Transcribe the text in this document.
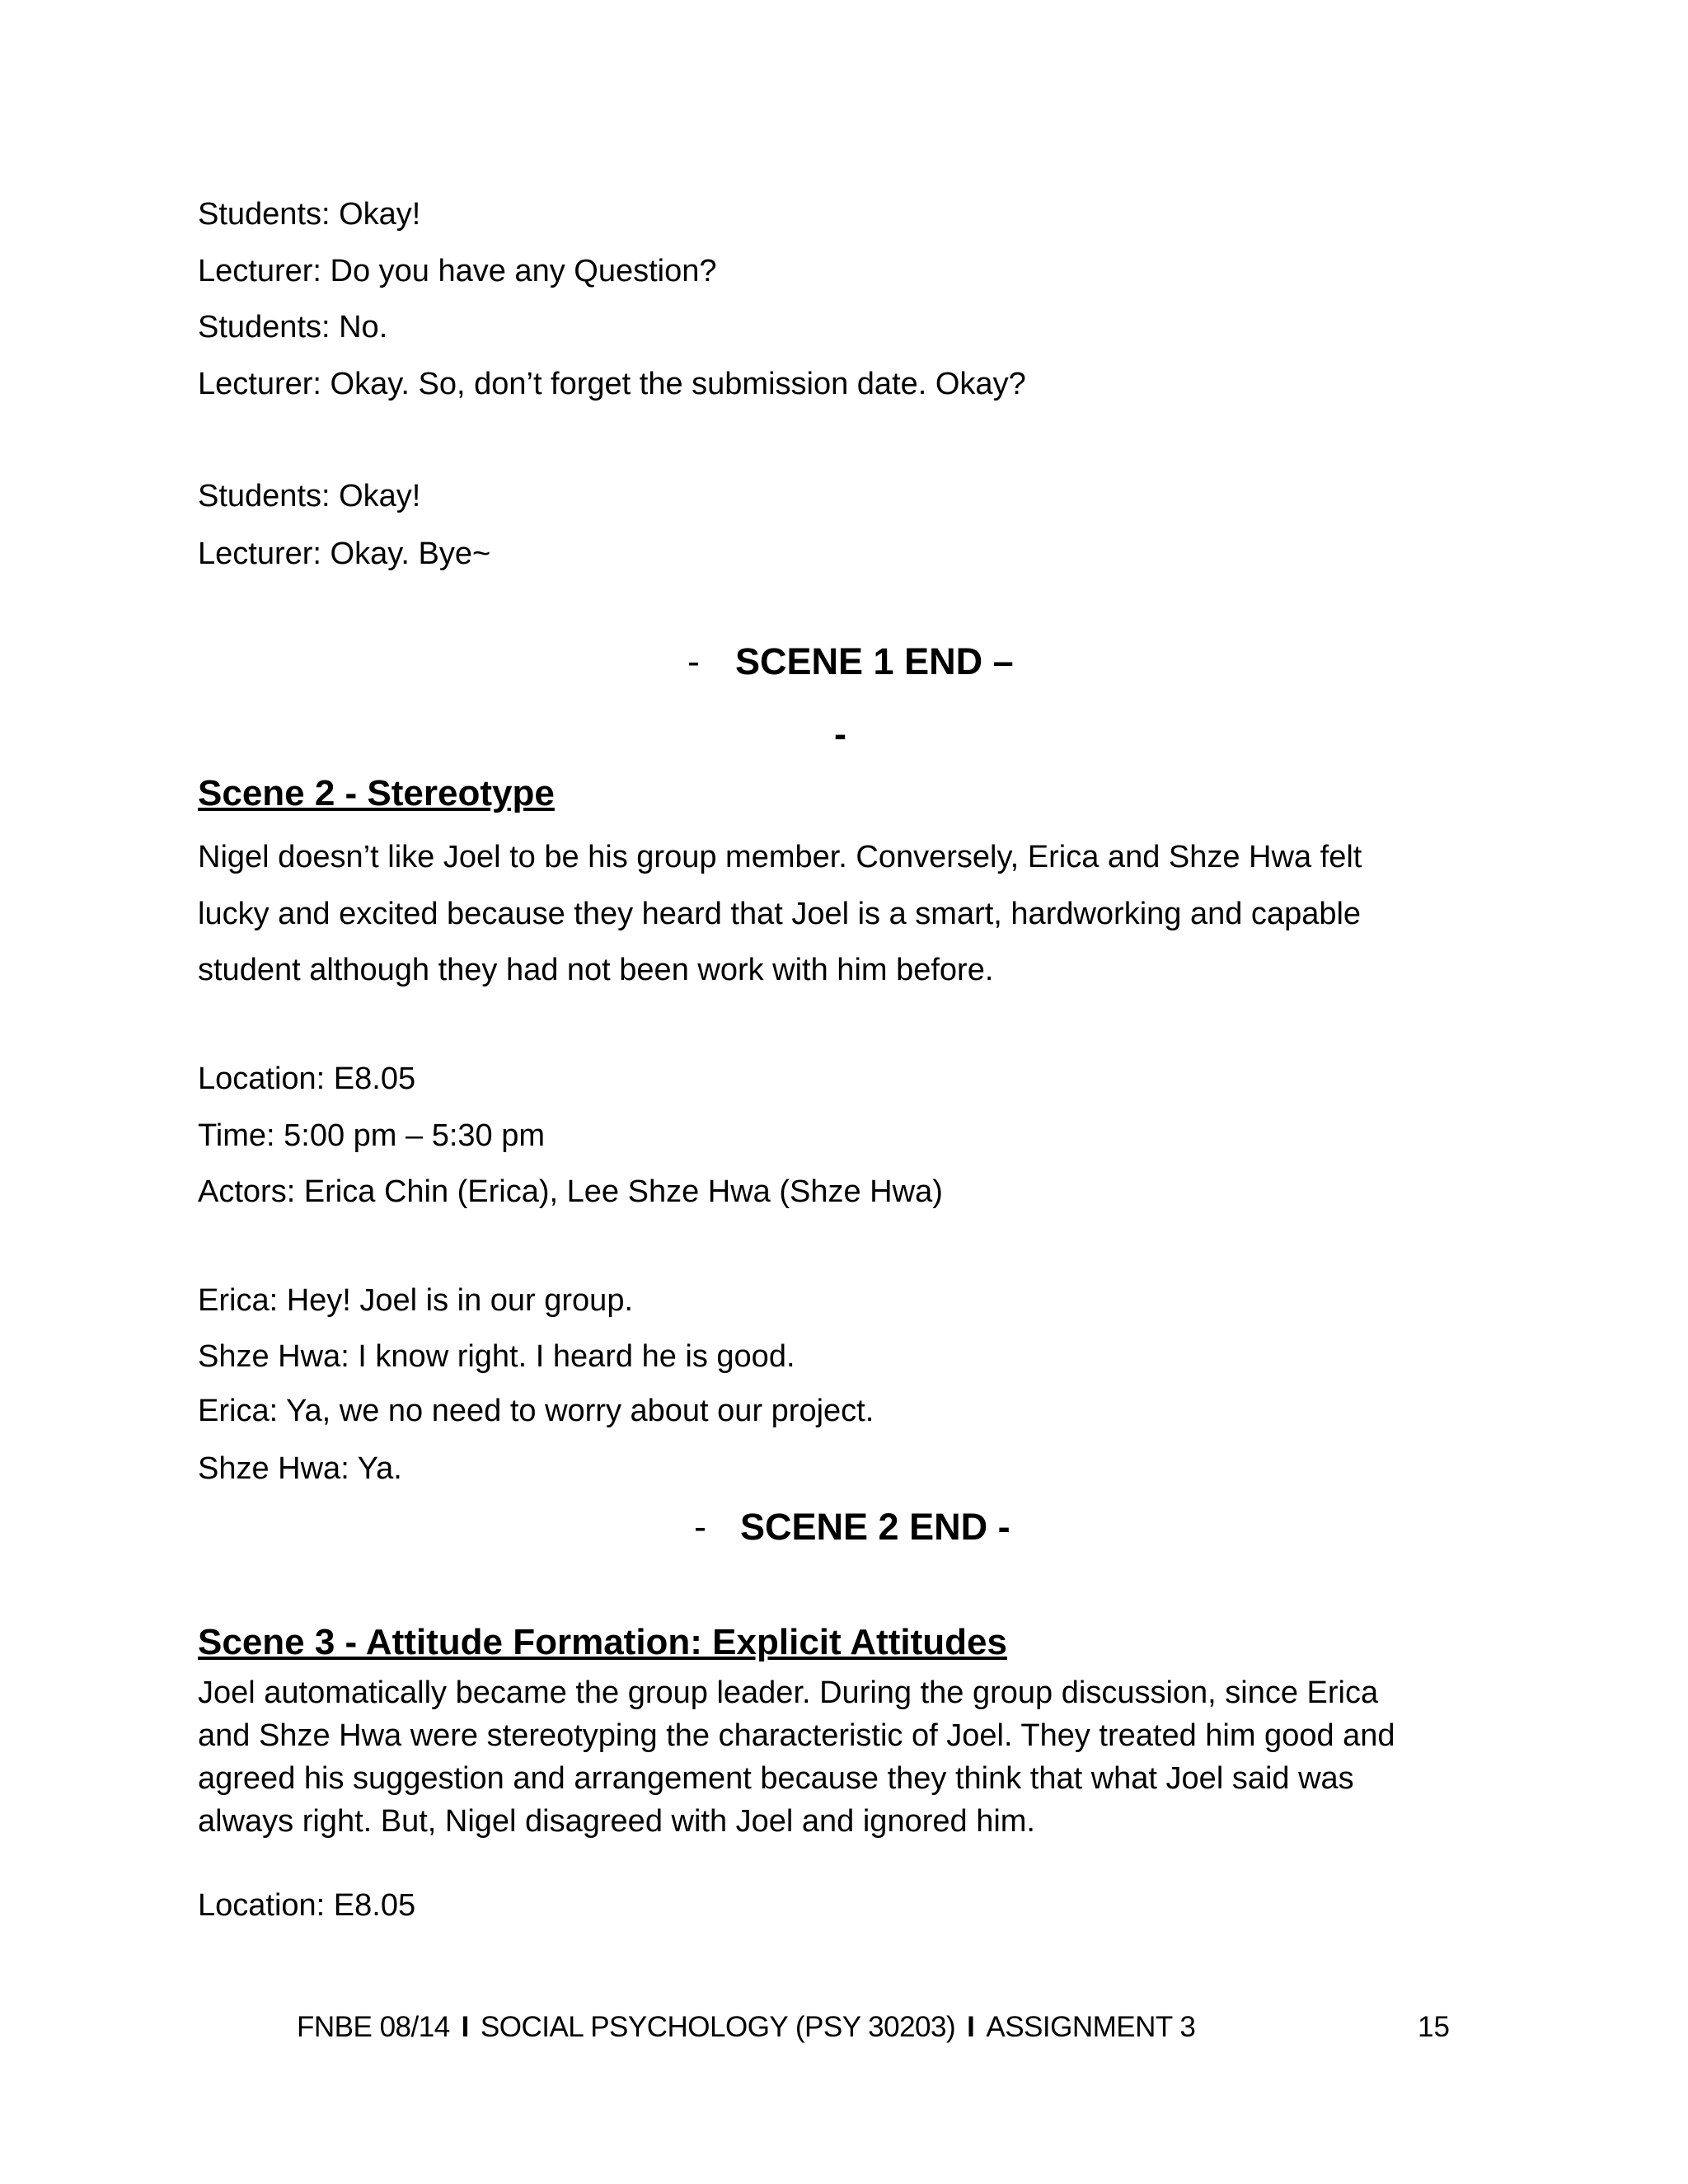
Students: Okay!
Lecturer: Do you have any Question?
Students: No.
Lecturer: Okay. So, don’t forget the submission date. Okay?
Students: Okay!
Lecturer: Okay. Bye~
- SCENE 1 END –
-
Scene 2 - Stereotype
Nigel doesn’t like Joel to be his group member. Conversely, Erica and Shze Hwa felt
lucky and excited because they heard that Joel is a smart, hardworking and capable
student although they had not been work with him before.
Location: E8.05
Time: 5:00 pm – 5:30 pm
Actors: Erica Chin (Erica), Lee Shze Hwa (Shze Hwa)
Erica: Hey! Joel is in our group.
Shze Hwa: I know right. I heard he is good.
Erica: Ya, we no need to worry about our project.
Shze Hwa: Ya.
- SCENE 2 END -
Scene 3 - Attitude Formation: Explicit Attitudes
Joel automatically became the group leader. During the group discussion, since Erica
and Shze Hwa were stereotyping the characteristic of Joel. They treated him good and
agreed his suggestion and arrangement because they think that what Joel said was
always right. But, Nigel disagreed with Joel and ignored him.
Location: E8.05
FNBE 08/14 I SOCIAL PSYCHOLOGY (PSY 30203) I ASSIGNMENT 3	15
